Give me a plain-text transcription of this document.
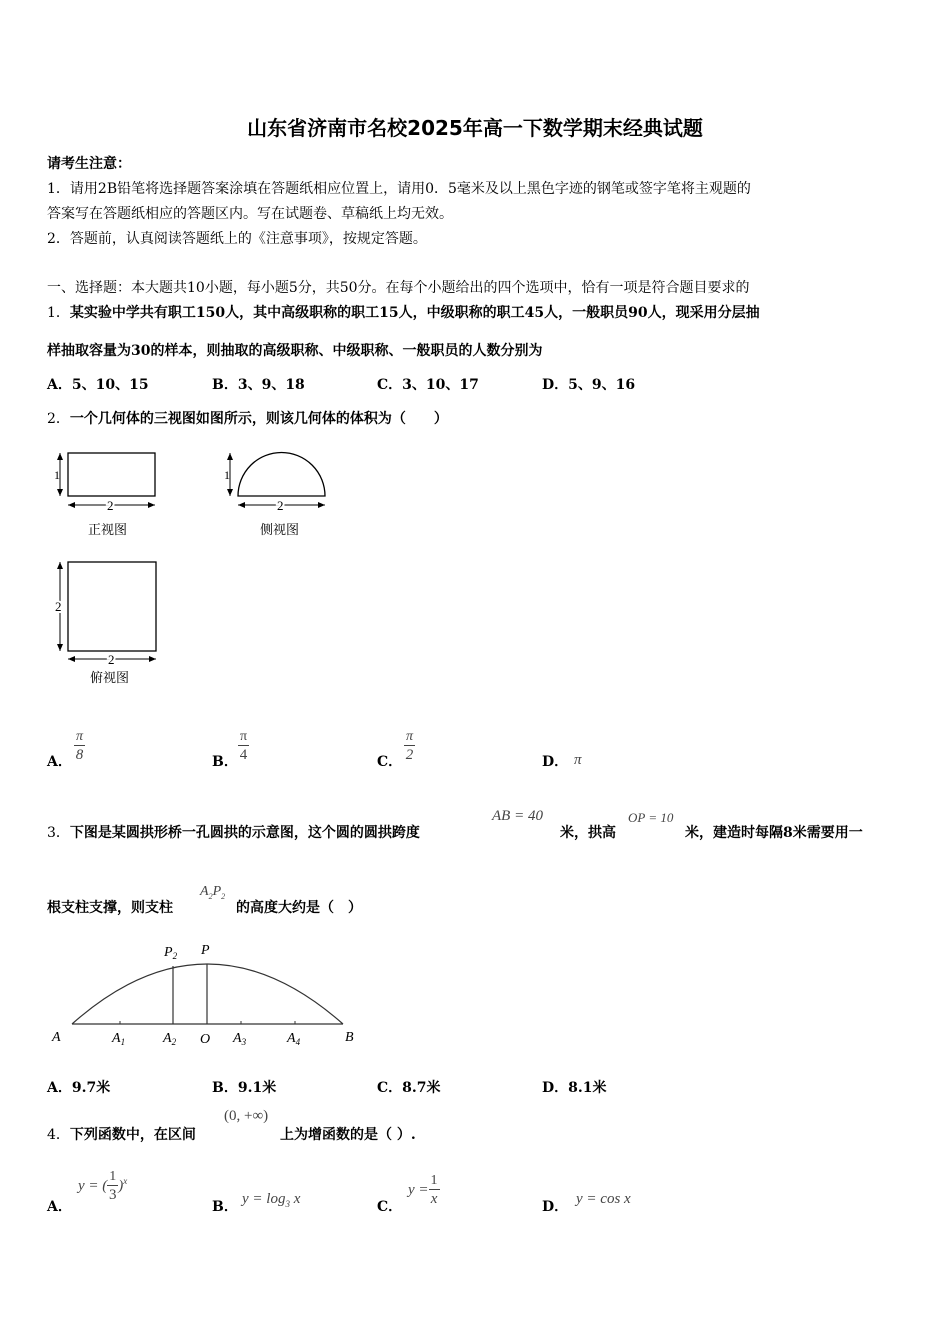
山东省济南市名校2025年高一下数学期末经典试题
请考生注意：
1．请用2B铅笔将选择题答案涂填在答题纸相应位置上，请用0．5毫米及以上黑色字迹的钢笔或签字笔将主观题的
答案写在答题纸相应的答题区内。写在试题卷、草稿纸上均无效。
2．答题前，认真阅读答题纸上的《注意事项》，按规定答题。
一、选择题：本大题共10小题，每小题5分，共50分。在每个小题给出的四个选项中，恰有一项是符合题目要求的
1．某实验中学共有职工150人，其中高级职称的职工15人，中级职称的职工45人，一般职员90人，现采用分层抽
样抽取容量为30的样本，则抽取的高级职称、中级职称、一般职员的人数分别为
A．5、10、15	B．3、9、18	C．3、10、17	D．5、9、16
2．一个几何体的三视图如图所示，则该几何体的体积为（　　）
1
2
正视图
1
2
侧视图
2
2
俯视图
A． $\frac{\pi}{8}$	B． $\frac{\pi}{4}$	C． $\frac{\pi}{2}$	D． π
3．下图是某圆拱形桥一孔圆拱的示意图，这个圆的圆拱跨度
AB = 40
米，拱高
OP = 10
米，建造时每隔8米需要用一
根支柱支撑，则支柱
$A_2P_2$
的高度大约是（　）
$P_2$ P
A	$A_1$	$A_2$ O $A_3$	$A_4$	B
A．9.7米	B．9.1米	C．8.7米	D．8.1米
4．下列函数中，在区间
(0, +∞)
上为增函数的是（ ）.
A．
y = ( $\frac{1}{3} )^x$
B． $y = \log_3 x$	C．
$y = \frac{1}{x}$	D． y = cos x
